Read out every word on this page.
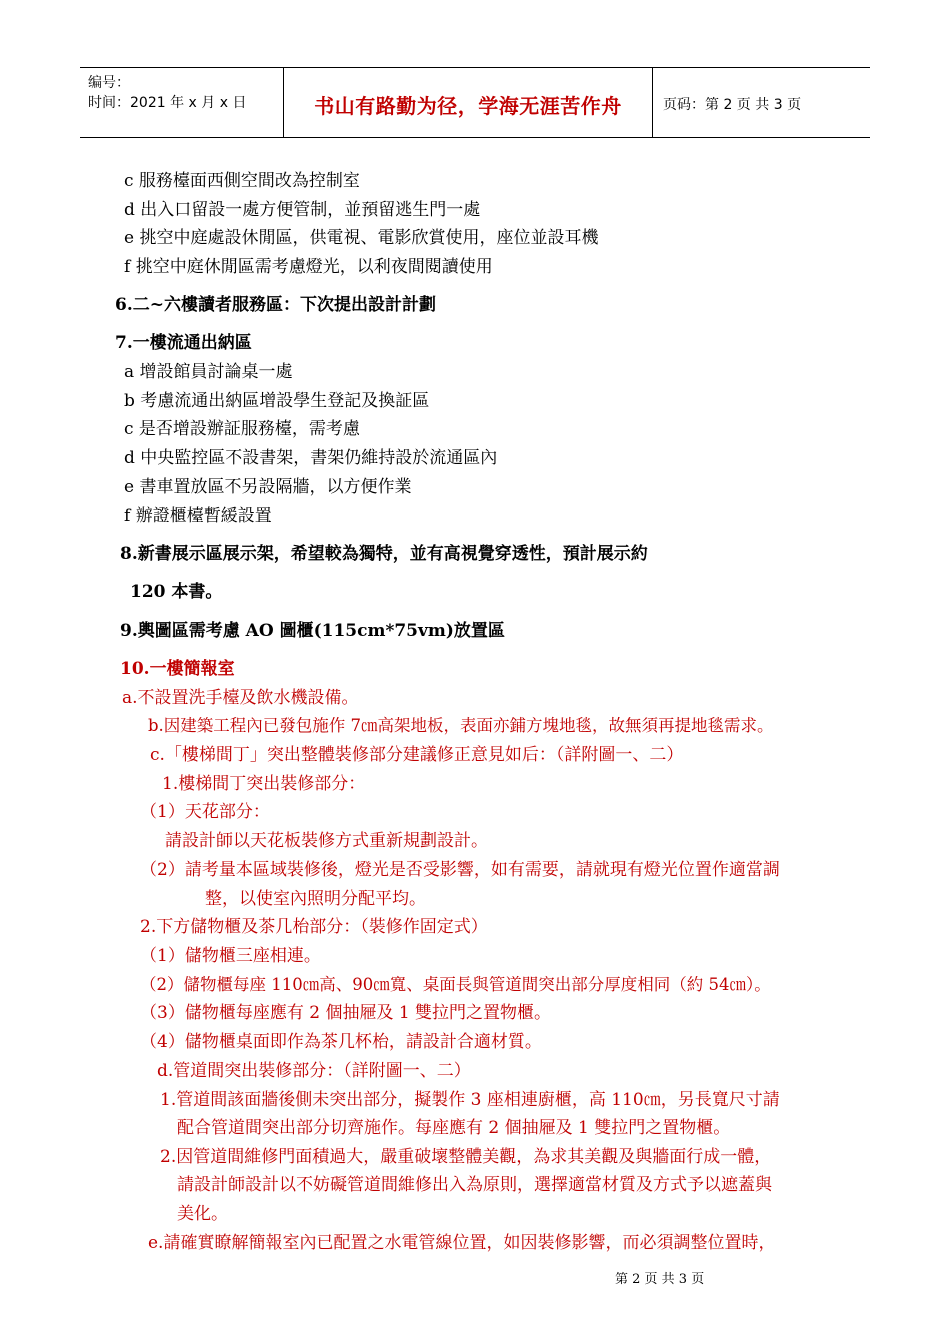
编号：
时间：2021 年 x 月 x 日	书山有路勤为径，学海无涯苦作舟	页码：第 2 页 共 3 页
c 服務檯面西側空間改為控制室
d 出入口留設一處方便管制，並預留逃生門一處
e 挑空中庭處設休閒區，供電視、電影欣賞使用，座位並設耳機
f 挑空中庭休閒區需考慮燈光，以利夜間閱讀使用
6.二~六樓讀者服務區：下次提出設計計劃
7.一樓流通出納區
a 增設館員討論桌一處
b 考慮流通出納區增設學生登記及換証區
c 是否增設辦証服務檯，需考慮
d 中央監控區不設書架，書架仍維持設於流通區內
e 書車置放區不另設隔牆，以方便作業
f 辦證櫃檯暫緩設置
8.新書展示區展示架，希望較為獨特，並有高視覺穿透性，預計展示約
120 本書。
9.輿圖區需考慮 AO 圖櫃(115cm*75vm)放置區
10.一樓簡報室
a.不設置洗手檯及飲水機設備。
b.因建築工程內已發包施作 7㎝高架地板，表面亦鋪方塊地毯，故無須再提地毯需求。
c.「樓梯間丁」突出整體裝修部分建議修正意見如后：（詳附圖一、二）
1.樓梯間丁突出裝修部分：
（1）天花部分：
請設計師以天花板裝修方式重新規劃設計。
（2）請考量本區域裝修後，燈光是否受影響，如有需要，請就現有燈光位置作適當調
整，以使室內照明分配平均。
2.下方儲物櫃及茶几枱部分：（裝修作固定式）
（1）儲物櫃三座相連。
（2）儲物櫃每座 110㎝高、90㎝寬、桌面長與管道間突出部分厚度相同（約 54㎝）。
（3）儲物櫃每座應有 2 個抽屜及 1 雙拉門之置物櫃。
（4）儲物櫃桌面即作為茶几杯枱，請設計合適材質。
d.管道間突出裝修部分：（詳附圖一、二）
1.管道間該面牆後側未突出部分，擬製作 3 座相連廚櫃，高 110㎝，另長寬尺寸請
配合管道間突出部分切齊施作。每座應有 2 個抽屜及 1 雙拉門之置物櫃。
2.因管道間維修門面積過大，嚴重破壞整體美觀，為求其美觀及與牆面行成一體，
請設計師設計以不妨礙管道間維修出入為原則，選擇適當材質及方式予以遮蓋與
美化。
e.請確實瞭解簡報室內已配置之水電管線位置，如因裝修影響，而必須調整位置時，
第 2 页 共 3 页
